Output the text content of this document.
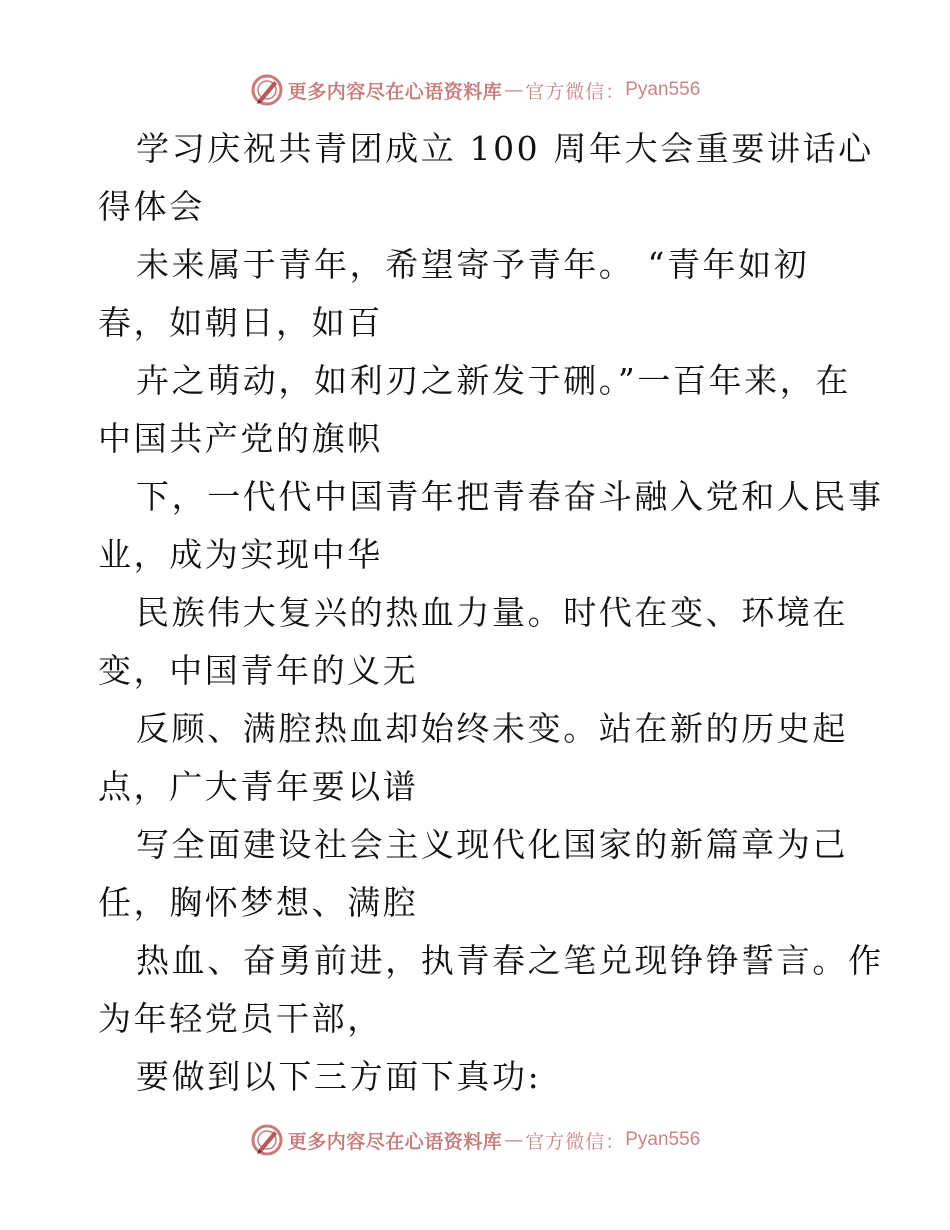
更多内容尽在心语资料库 — 官方微信： Pyan556
学习庆祝共青团成立 100 周年大会重要讲话心
得体会
未来属于青年，希望寄予青年。 “青年如初
春，如朝日，如百
卉之萌动，如利刃之新发于硎。”一百年来，在
中国共产党的旗帜
下，一代代中国青年把青春奋斗融入党和人民事
业，成为实现中华
民族伟大复兴的热血力量。时代在变、环境在
变，中国青年的义无
反顾、满腔热血却始终未变。站在新的历史起
点，广大青年要以谱
写全面建设社会主义现代化国家的新篇章为己
任，胸怀梦想、满腔
热血、奋勇前进，执青春之笔兑现铮铮誓言。作
为年轻党员干部，
要做到以下三方面下真功:
更多内容尽在心语资料库 — 官方微信： Pyan556
